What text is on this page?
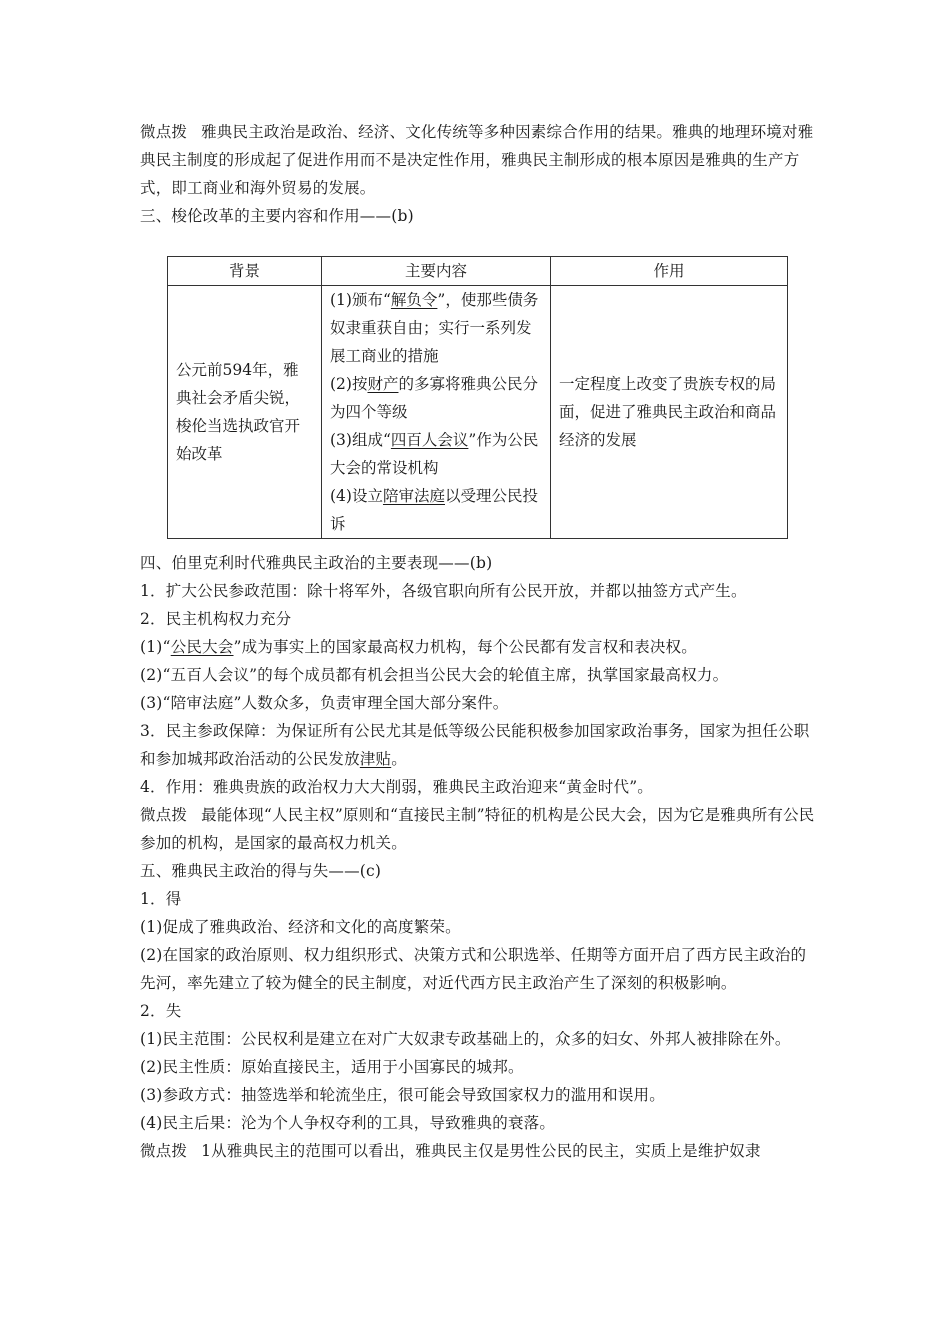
微点拨 雅典民主政治是政治、经济、文化传统等多种因素综合作用的结果。雅典的地理环境对雅典民主制度的形成起了促进作用而不是决定性作用，雅典民主制形成的根本原因是雅典的生产方式，即工商业和海外贸易的发展。

三、梭伦改革的主要内容和作用——(b)

背景	主要内容	作用
公元前594年，雅典社会矛盾尖锐，梭伦当选执政官开始改革	(1)颁布“解负令”，使那些债务奴隶重获自由；实行一系列发展工商业的措施
(2)按财产的多寡将雅典公民分为四个等级
(3)组成“四百人会议”作为公民大会的常设机构
(4)设立陪审法庭以受理公民投诉	一定程度上改变了贵族专权的局面，促进了雅典民主政治和商品经济的发展

四、伯里克利时代雅典民主政治的主要表现——(b)

1．扩大公民参政范围：除十将军外，各级官职向所有公民开放，并都以抽签方式产生。

2．民主机构权力充分

(1)“公民大会”成为事实上的国家最高权力机构，每个公民都有发言权和表决权。

(2)“五百人会议”的每个成员都有机会担当公民大会的轮值主席，执掌国家最高权力。

(3)“陪审法庭”人数众多，负责审理全国大部分案件。

3．民主参政保障：为保证所有公民尤其是低等级公民能积极参加国家政治事务，国家为担任公职和参加城邦政治活动的公民发放津贴。

4．作用：雅典贵族的政治权力大大削弱，雅典民主政治迎来“黄金时代”。

微点拨 最能体现“人民主权”原则和“直接民主制”特征的机构是公民大会，因为它是雅典所有公民参加的机构，是国家的最高权力机关。

五、雅典民主政治的得与失——(c)

1．得

(1)促成了雅典政治、经济和文化的高度繁荣。

(2)在国家的政治原则、权力组织形式、决策方式和公职选举、任期等方面开启了西方民主政治的先河，率先建立了较为健全的民主制度，对近代西方民主政治产生了深刻的积极影响。

2．失

(1)民主范围：公民权利是建立在对广大奴隶专政基础上的，众多的妇女、外邦人被排除在外。

(2)民主性质：原始直接民主，适用于小国寡民的城邦。

(3)参政方式：抽签选举和轮流坐庄，很可能会导致国家权力的滥用和误用。

(4)民主后果：沦为个人争权夺利的工具，导致雅典的衰落。

微点拨 1从雅典民主的范围可以看出，雅典民主仅是男性公民的民主，实质上是维护奴隶
